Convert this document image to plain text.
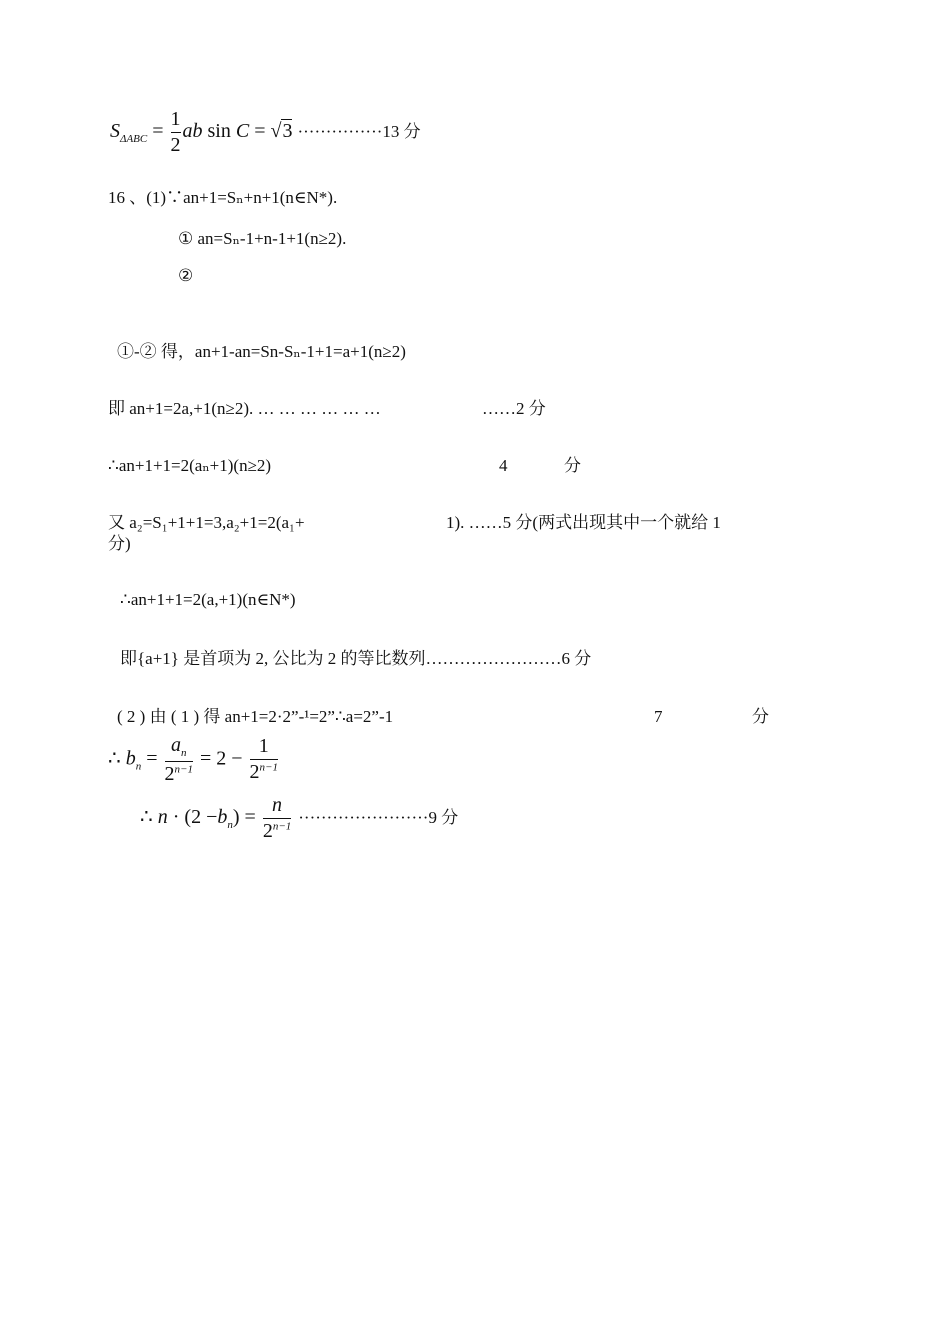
$S_{\Delta ABC} = \frac{1}{2}$ ab sin C = √3 ···············13 分
16 、(1)∵an+1=Sₙ+n+1(n∈N*).
① an=Sₙ-1+n-1+1(n≥2).
②
①-② 得，an+1-an=Sn-Sₙ-1+1=a+1(n≥2)
即 an+1=2a,+1(n≥2). … … … … … …	……2 分
∴an+1+1=2(aₙ+1)(n≥2)	4	分
又 a₂=S₁+1+1=3,a₂+1=2(a₁+	1). ……5 分(两式出现其中一个就给 1
分)
∴an+1+1=2(a,+1)(n∈N*)
即{a+1} 是首项为 2, 公比为 2 的等比数列……………………6 分
( 2 ) 由 ( 1 ) 得 an+1=2·2”-¹=2”∴a=2”-1	7	分
∴ $b_n = \frac{a_n}{2^{n-1}} = 2 - \frac{1}{2^{n-1}}$
∴ $n \cdot (2 -b_n) = \frac{n}{2^{n-1}} \cdot\cdot\cdot\cdot\cdot\cdot\cdot\cdot\cdot\cdot\cdot\cdot\cdot\cdot\cdot\cdot\cdot\cdot\cdot\cdot\cdot\cdot\cdot 9$ 分
